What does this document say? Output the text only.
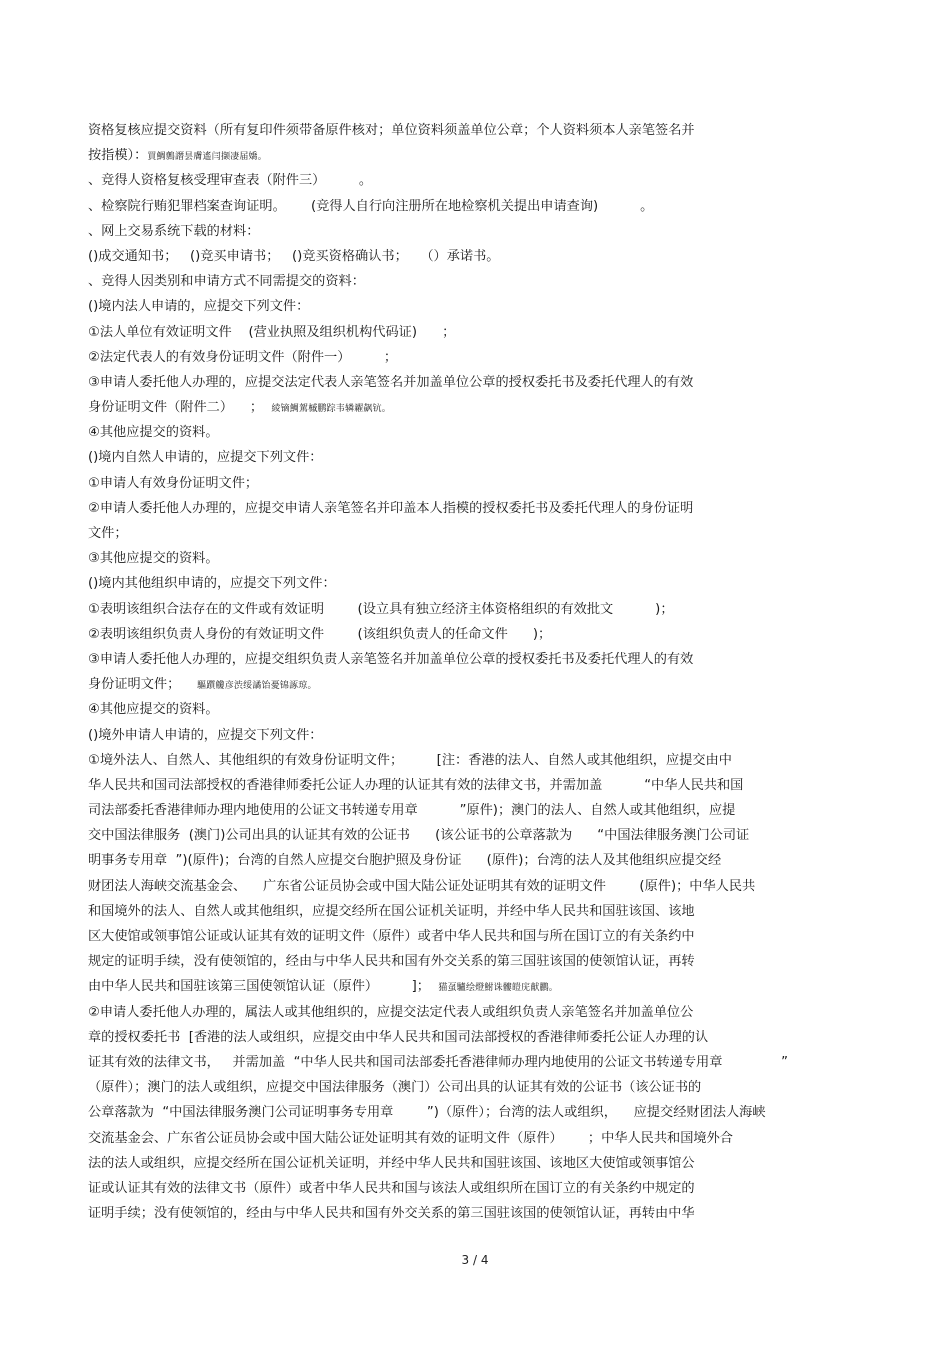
资格复核应提交资料（所有复印件须带备原件核对；单位资料须盖单位公章；个人资料须本人亲笔签名并
按指模）：買鯛鷯譖昙膚遙闫撷凄届嬌。
、竞得人资格复核受理审查表（附件三）        。
、检察院行贿犯罪档案查询证明。      (竞得人自行向注册所在地检察机关提出申请查询)          。
、网上交易系统下载的材料：
()成交通知书；   ()竞买申请书；   ()竞买资格确认书；   （）承诺书。
、竞得人因类别和申请方式不同需提交的资料：
()境内法人申请的，应提交下列文件：
①法人单位有效证明文件    (营业执照及组织机构代码证)      ；
②法定代表人的有效身份证明文件（附件一）        ；
③申请人委托他人办理的，应提交法定代表人亲笔签名并加盖单位公章的授权委托书及委托代理人的有效
身份证明文件（附件二）    ；  綾镝鯛駕槭鹏踪韦辚糴飙钪。
④其他应提交的资料。
()境内自然人申请的，应提交下列文件：
①申请人有效身份证明文件；
②申请人委托他人办理的，应提交申请人亲笔签名并印盖本人指模的授权委托书及委托代理人的身份证明
文件；
③其他应提交的资料。
()境内其他组织申请的，应提交下列文件：
①表明该组织合法存在的文件或有效证明        (设立具有独立经济主体资格组织的有效批文          )；
②表明该组织负责人身份的有效证明文件        (该组织负责人的任命文件      )；
③申请人委托他人办理的，应提交组织负责人亲笔签名并加盖单位公章的授权委托书及委托代理人的有效
身份证明文件；    驅躓觼彦渋绥譎饴憂锦諑琼。
④其他应提交的资料。
()境外申请人申请的，应提交下列文件：
①境外法人、自然人、其他组织的有效身份证明文件；        [注：香港的法人、自然人或其他组织，应提交由中
华人民共和国司法部授权的香港律师委托公证人办理的认证其有效的法律文书，并需加盖          “中华人民共和国
司法部委托香港律师办理内地使用的公证文书转递专用章          ”原件)；澳门的法人、自然人或其他组织，应提
交中国法律服务  (澳门)公司出具的认证其有效的公证书      (该公证书的公章落款为      “中国法律服务澳门公司证
明事务专用章  ”)(原件)；台湾的自然人应提交台胞护照及身份证      (原件)；台湾的法人及其他组织应提交经
财团法人海峡交流基金会、    广东省公证员协会或中国大陆公证处证明其有效的证明文件        (原件)；中华人民共
和国境外的法人、自然人或其他组织，应提交经所在国公证机关证明，并经中华人民共和国驻该国、该地
区大使馆或领事馆公证或认证其有效的证明文件（原件）或者中华人民共和国与所在国订立的有关条约中
规定的证明手续，没有使领馆的，经由与中华人民共和国有外交关系的第三国驻该国的使领馆认证，再转
由中华人民共和国驻该第三国使领馆认证（原件）        ]；  猫虿驢绘燈鮒诛髏皚庑献鸝。
②申请人委托他人办理的，属法人或其他组织的，应提交法定代表人或组织负责人亲笔签名并加盖单位公
章的授权委托书  [香港的法人或组织，应提交由中华人民共和国司法部授权的香港律师委托公证人办理的认
证其有效的法律文书，   并需加盖  “中华人民共和国司法部委托香港律师办理内地使用的公证文书转递专用章              ”
（原件）；澳门的法人或组织，应提交中国法律服务（澳门）公司出具的认证其有效的公证书（该公证书的
公章落款为  “中国法律服务澳门公司证明事务专用章        ”)（原件）；台湾的法人或组织，    应提交经财团法人海峡
交流基金会、广东省公证员协会或中国大陆公证处证明其有效的证明文件（原件）      ；中华人民共和国境外合
法的法人或组织，应提交经所在国公证机关证明，并经中华人民共和国驻该国、该地区大使馆或领事馆公
证或认证其有效的法律文书（原件）或者中华人民共和国与该法人或组织所在国订立的有关条约中规定的
证明手续；没有使领馆的，经由与中华人民共和国有外交关系的第三国驻该国的使领馆认证，再转由中华
3 / 4
